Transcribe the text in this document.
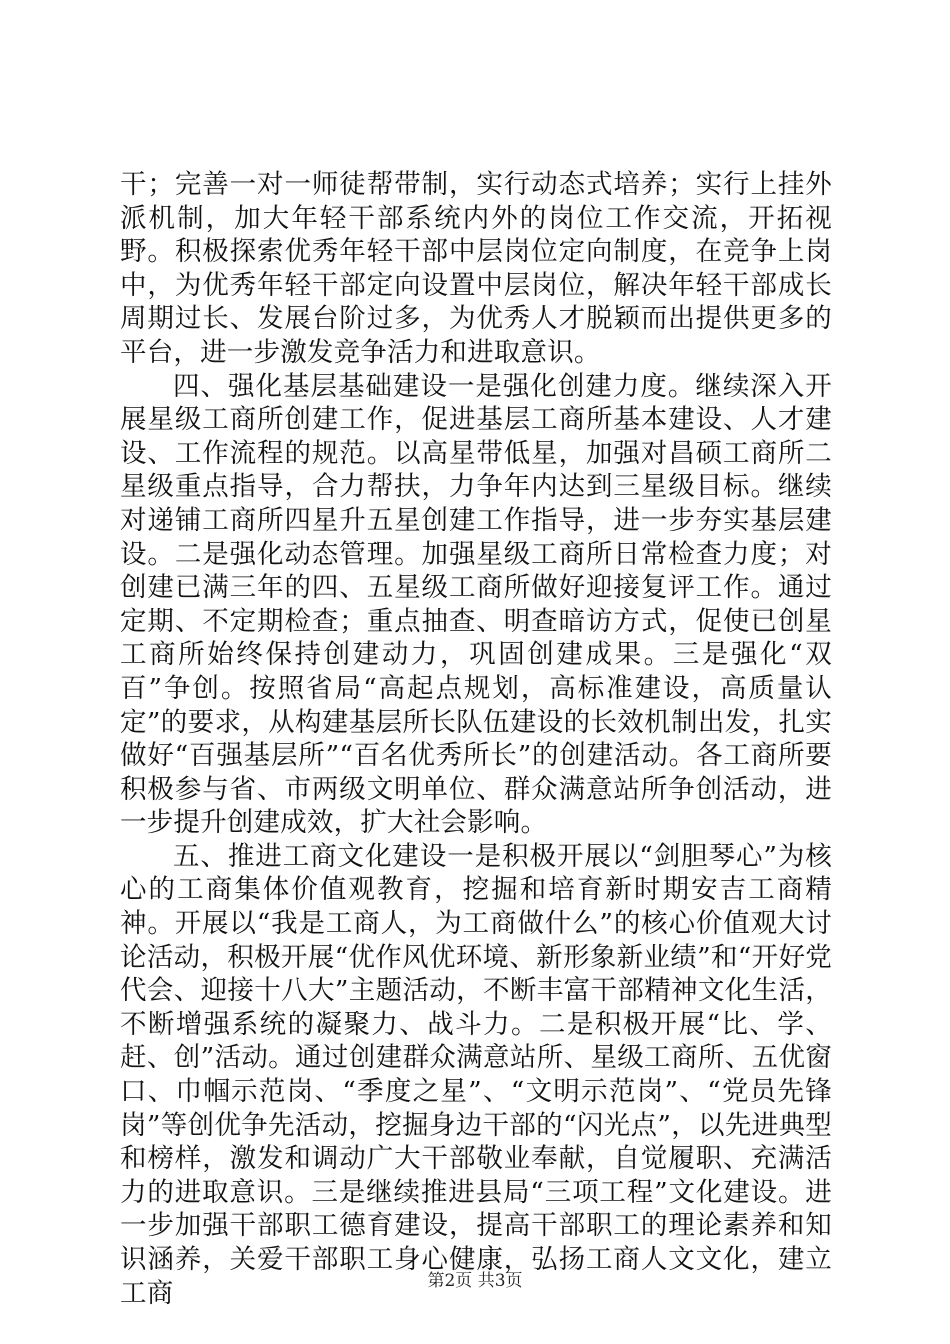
干；完善一对一师徒帮带制，实行动态式培养；实行上挂外派机制，加大年轻干部系统内外的岗位工作交流，开拓视野。积极探索优秀年轻干部中层岗位定向制度，在竞争上岗中，为优秀年轻干部定向设置中层岗位，解决年轻干部成长周期过长、发展台阶过多，为优秀人才脱颖而出提供更多的平台，进一步激发竞争活力和进取意识。

四、强化基层基础建设一是强化创建力度。继续深入开展星级工商所创建工作，促进基层工商所基本建设、人才建设、工作流程的规范。以高星带低星，加强对昌硕工商所二星级重点指导，合力帮扶，力争年内达到三星级目标。继续对递铺工商所四星升五星创建工作指导，进一步夯实基层建设。二是强化动态管理。加强星级工商所日常检查力度；对创建已满三年的四、五星级工商所做好迎接复评工作。通过定期、不定期检查；重点抽查、明查暗访方式，促使已创星工商所始终保持创建动力，巩固创建成果。三是强化“双百”争创。按照省局“高起点规划，高标准建设，高质量认定”的要求，从构建基层所长队伍建设的长效机制出发，扎实做好“百强基层所”“百名优秀所长”的创建活动。各工商所要积极参与省、市两级文明单位、群众满意站所争创活动，进一步提升创建成效，扩大社会影响。

五、推进工商文化建设一是积极开展以“剑胆琴心”为核心的工商集体价值观教育，挖掘和培育新时期安吉工商精神。开展以“我是工商人，为工商做什么”的核心价值观大讨论活动，积极开展“优作风优环境、新形象新业绩”和“开好党代会、迎接十八大”主题活动，不断丰富干部精神文化生活，不断增强系统的凝聚力、战斗力。二是积极开展“比、学、赶、创”活动。通过创建群众满意站所、星级工商所、五优窗口、巾帼示范岗、“季度之星”、“文明示范岗”、“党员先锋岗”等创优争先活动，挖掘身边干部的“闪光点”，以先进典型和榜样，激发和调动广大干部敬业奉献，自觉履职、充满活力的进取意识。三是继续推进县局“三项工程”文化建设。进一步加强干部职工德育建设，提高干部职工的理论素养和知识涵养，关爱干部职工身心健康，弘扬工商人文文化，建立工商	第2页 共3页
